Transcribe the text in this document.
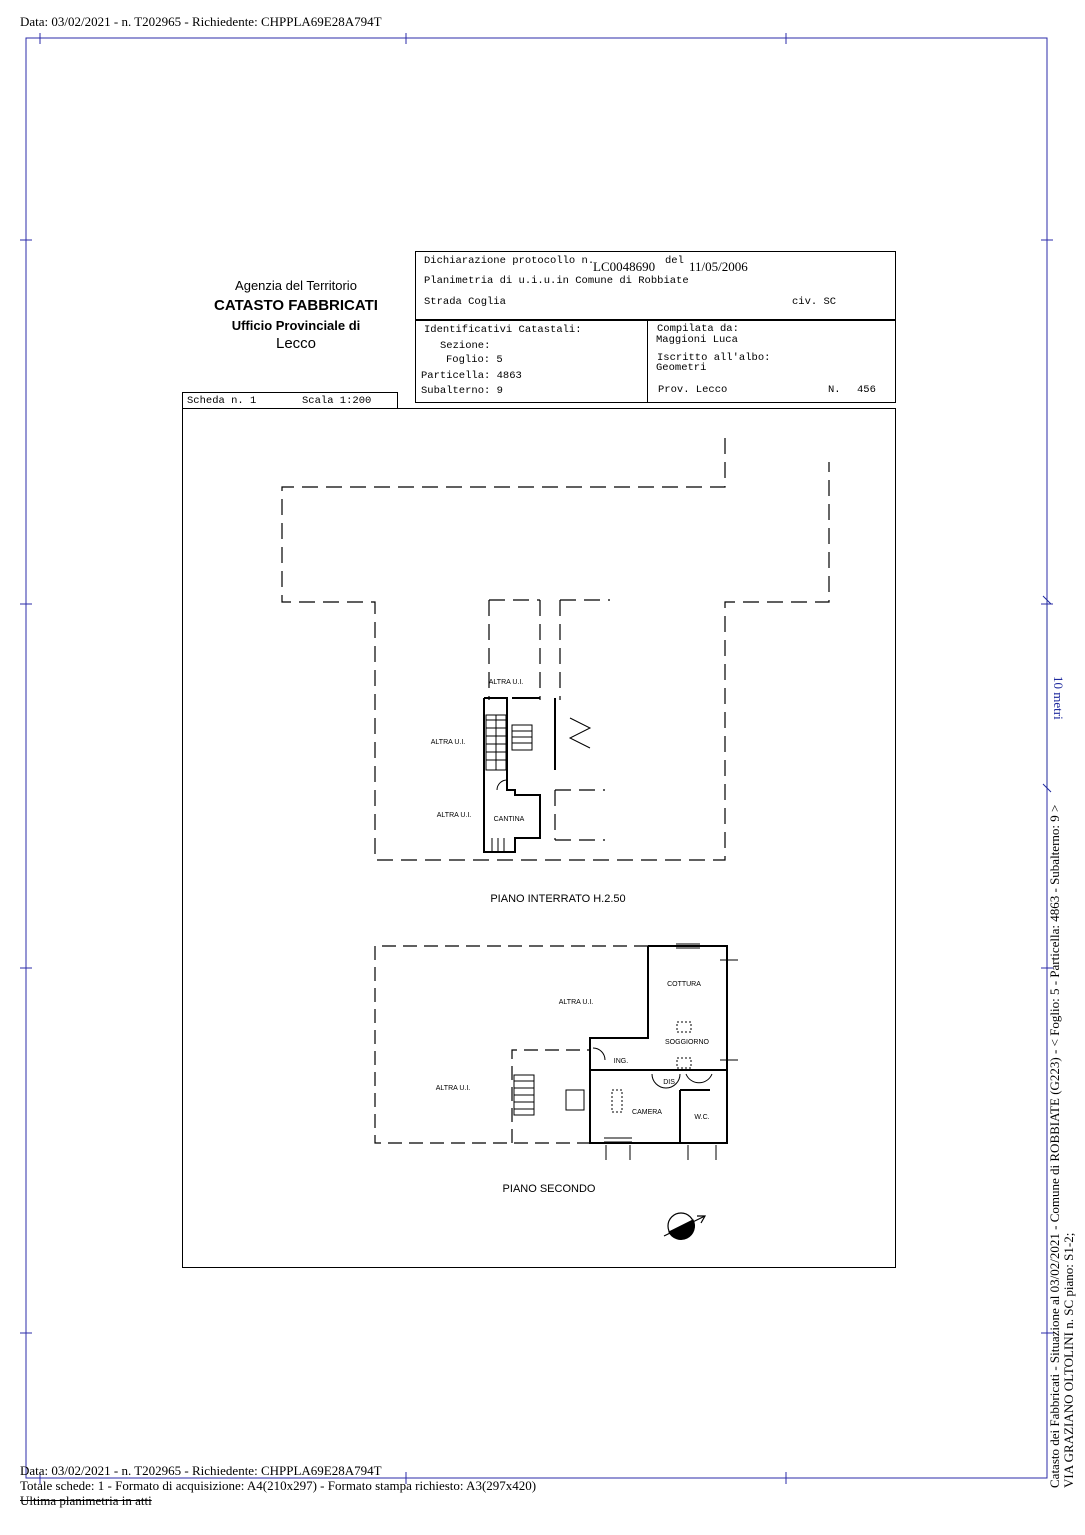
Data: 03/02/2021 - n. T202965 - Richiedente: CHPPLA69E28A794T
10 metri
Agenzia del Territorio
CATASTO FABBRICATI
Ufficio Provinciale di
Lecco
Dichiarazione protocollo n.
LC0048690 del 11/05/2006
Planimetria di u.i.u.in Comune di Robbiate
Strada Coglia	civ. SC
Identificativi Catastali:
Sezione:
Foglio: 5
Particella: 4863
Subalterno: 9
Compilata da:
Maggioni Luca
Iscritto all'albo:
Geometri
Prov. Lecco	N. 456
Scheda n. 1	Scala 1:200
ALTRA U.I.
ALTRA U.I.
ALTRA U.I.
CANTINA
PIANO INTERRATO H.2.50
ALTRA U.I.
ALTRA U.I.
COTTURA
SOGGIORNO
ING.
DIS.
CAMERA
W.C.
PIANO SECONDO	Catasto dei Fabbricati - Situazione al 03/02/2021 - Comune di ROBBIATE (G223) - < Foglio: 5 - Particella: 4863 - Subalterno: 9 > VIA GRAZIANO OLTOLINI n. SC piano: S1-2;
Data: 03/02/2021 - n. T202965 - Richiedente: CHPPLA69E28A794T
Totale schede: 1 - Formato di acquisizione: A4(210x297) - Formato stampa richiesto: A3(297x420)
Ultima planimetria in atti
